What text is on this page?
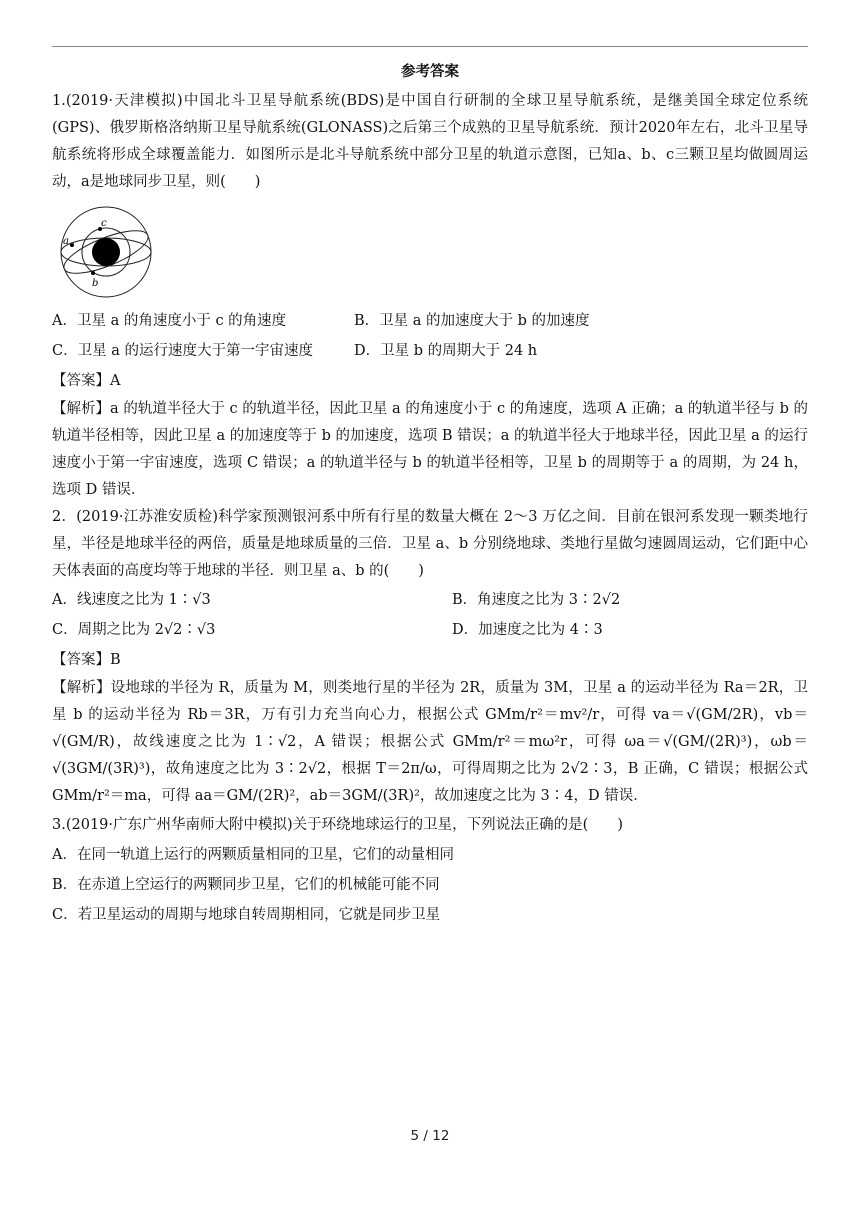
参考答案

1.(2019·天津模拟)中国北斗卫星导航系统(BDS)是中国自行研制的全球卫星导航系统，是继美国全球定位系统(GPS)、俄罗斯格洛纳斯卫星导航系统(GLONASS)之后第三个成熟的卫星导航系统．预计2020年左右，北斗卫星导航系统将形成全球覆盖能力．如图所示是北斗导航系统中部分卫星的轨道示意图，已知a、b、c三颗卫星均做圆周运动，a是地球同步卫星，则(　　)

a
c
b
A．卫星 a 的角速度小于 c 的角速度	B．卫星 a 的加速度大于 b 的加速度
C．卫星 a 的运行速度大于第一宇宙速度	D．卫星 b 的周期大于 24 h

【答案】A

【解析】a 的轨道半径大于 c 的轨道半径，因此卫星 a 的角速度小于 c 的角速度，选项 A 正确；a 的轨道半径与 b 的轨道半径相等，因此卫星 a 的加速度等于 b 的加速度，选项 B 错误；a 的轨道半径大于地球半径，因此卫星 a 的运行速度小于第一宇宙速度，选项 C 错误；a 的轨道半径与 b 的轨道半径相等，卫星 b 的周期等于 a 的周期，为 24 h，选项 D 错误．

2．(2019·江苏淮安质检)科学家预测银河系中所有行星的数量大概在 2～3 万亿之间．目前在银河系发现一颗类地行星，半径是地球半径的两倍，质量是地球质量的三倍．卫星 a、b 分别绕地球、类地行星做匀速圆周运动，它们距中心天体表面的高度均等于地球的半径．则卫星 a、b 的(　　)

A．线速度之比为 1∶√3	B．角速度之比为 3∶2√2
C．周期之比为 2√2∶√3	D．加速度之比为 4∶3

【答案】B

【解析】设地球的半径为 R，质量为 M，则类地行星的半径为 2R，质量为 3M，卫星 a 的运动半径为 Ra＝2R，卫星 b 的运动半径为 Rb＝3R，万有引力充当向心力，根据公式 GMm/r²＝mv²/r，可得 va＝√(GM/2R)，vb＝√(GM/R)，故线速度之比为 1∶√2，A 错误；根据公式 GMm/r²＝mω²r，可得 ωa＝√(GM/(2R)³)，ωb＝√(3GM/(3R)³)，故角速度之比为 3∶2√2，根据 T＝2π/ω，可得周期之比为 2√2∶3，B 正确，C 错误；根据公式 GMm/r²＝ma，可得 aa＝GM/(2R)²，ab＝3GM/(3R)²，故加速度之比为 3∶4，D 错误．

3.(2019·广东广州华南师大附中模拟)关于环绕地球运行的卫星，下列说法正确的是(　　)

A．在同一轨道上运行的两颗质量相同的卫星，它们的动量相同

B．在赤道上空运行的两颗同步卫星，它们的机械能可能不同

C．若卫星运动的周期与地球自转周期相同，它就是同步卫星

5 / 12
